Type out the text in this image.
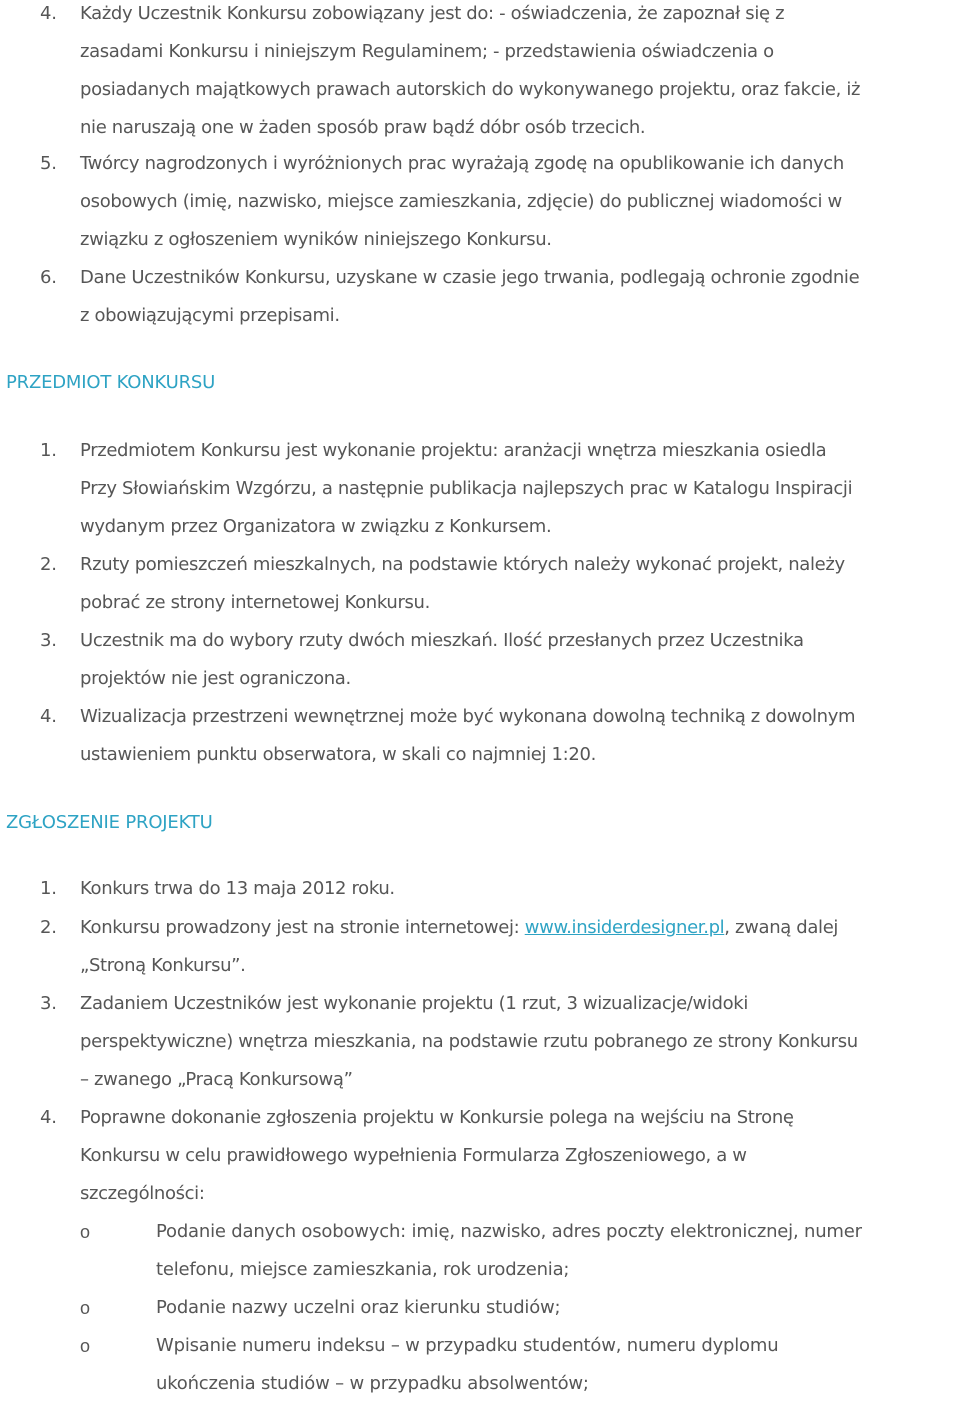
4. Każdy Uczestnik Konkursu zobowiązany jest do: - oświadczenia, że zapoznał się z
zasadami Konkursu i niniejszym Regulaminem; - przedstawienia oświadczenia o
posiadanych majątkowych prawach autorskich do wykonywanego projektu, oraz fakcie, iż
nie naruszają one w żaden sposób praw bądź dóbr osób trzecich.
5. Twórcy nagrodzonych i wyróżnionych prac wyrażają zgodę na opublikowanie ich danych
osobowych (imię, nazwisko, miejsce zamieszkania, zdjęcie) do publicznej wiadomości w
związku z ogłoszeniem wyników niniejszego Konkursu.
6. Dane Uczestników Konkursu, uzyskane w czasie jego trwania, podlegają ochronie zgodnie
z obowiązującymi przepisami.
PRZEDMIOT KONKURSU
1. Przedmiotem Konkursu jest wykonanie projektu: aranżacji wnętrza mieszkania osiedla
Przy Słowiańskim Wzgórzu, a następnie publikacja najlepszych prac w Katalogu Inspiracji
wydanym przez Organizatora w związku z Konkursem.
2. Rzuty pomieszczeń mieszkalnych, na podstawie których należy wykonać projekt, należy
pobrać ze strony internetowej Konkursu.
3. Uczestnik ma do wybory rzuty dwóch mieszkań. Ilość przesłanych przez Uczestnika
projektów nie jest ograniczona.
4. Wizualizacja przestrzeni wewnętrznej może być wykonana dowolną techniką z dowolnym
ustawieniem punktu obserwatora, w skali co najmniej 1:20.
ZGŁOSZENIE PROJEKTU
1. Konkurs trwa do 13 maja 2012 roku.
2. Konkursu prowadzony jest na stronie internetowej: www.insiderdesigner.pl, zwaną dalej
„Stroną Konkursu”.
3. Zadaniem Uczestników jest wykonanie projektu (1 rzut, 3 wizualizacje/widoki
perspektywiczne) wnętrza mieszkania, na podstawie rzutu pobranego ze strony Konkursu
– zwanego „Pracą Konkursową”
4. Poprawne dokonanie zgłoszenia projektu w Konkursie polega na wejściu na Stronę
Konkursu w celu prawidłowego wypełnienia Formularza Zgłoszeniowego, a w
szczególności:
o	Podanie danych osobowych: imię, nazwisko, adres poczty elektronicznej, numer
telefonu, miejsce zamieszkania, rok urodzenia;
o	Podanie nazwy uczelni oraz kierunku studiów;
o	Wpisanie numeru indeksu – w przypadku studentów, numeru dyplomu
ukończenia studiów – w przypadku absolwentów;
